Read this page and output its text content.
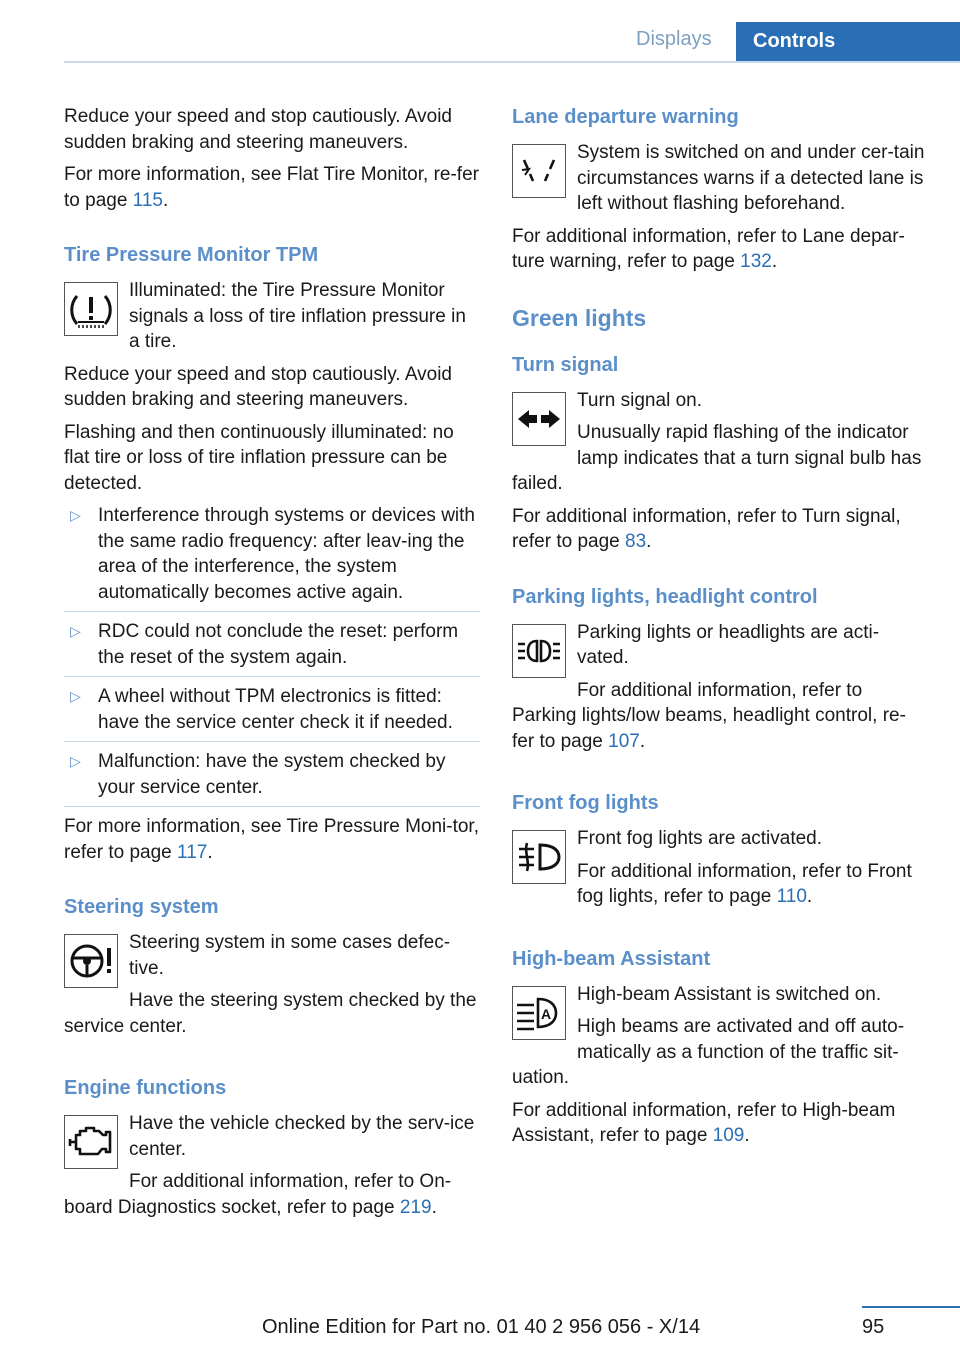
Displays	Controls

Reduce your speed and stop cautiously. Avoid sudden braking and steering maneuvers.

For more information, see Flat Tire Monitor, re‐fer to page 115.

Tire Pressure Monitor TPM

Illuminated: the Tire Pressure Monitor signals a loss of tire inflation pressure in a tire.

Reduce your speed and stop cautiously. Avoid sudden braking and steering maneuvers.

Flashing and then continuously illuminated: no flat tire or loss of tire inflation pressure can be detected.

▷ Interference through systems or devices with the same radio frequency: after leav‐ing the area of the interference, the system automatically becomes active again.
▷ RDC could not conclude the reset: perform the reset of the system again.
▷ A wheel without TPM electronics is fitted: have the service center check it if needed.
▷ Malfunction: have the system checked by your service center.

For more information, see Tire Pressure Moni‐tor, refer to page 117.

Steering system

Steering system in some cases defec‐tive.

Have the steering system checked by the service center.

Engine functions

Have the vehicle checked by the serv‐ice center.

For additional information, refer to On-board Diagnostics socket, refer to page 219.

Lane departure warning

System is switched on and under cer‐tain circumstances warns if a detected lane is left without flashing beforehand.

For additional information, refer to Lane depar‐ture warning, refer to page 132.

Green lights
Turn signal

Turn signal on.

Unusually rapid flashing of the indicator lamp indicates that a turn signal bulb has failed.

For additional information, refer to Turn signal, refer to page 83.

Parking lights, headlight control

Parking lights or headlights are acti‐vated.

For additional information, refer to Parking lights/low beams, headlight control, re‐fer to page 107.

Front fog lights

Front fog lights are activated.

For additional information, refer to Front fog lights, refer to page 110.

High-beam Assistant
A

High-beam Assistant is switched on.

High beams are activated and off auto‐matically as a function of the traffic sit‐uation.

For additional information, refer to High-beam Assistant, refer to page 109.

Online Edition for Part no. 01 40 2 956 056 - X/14	95
